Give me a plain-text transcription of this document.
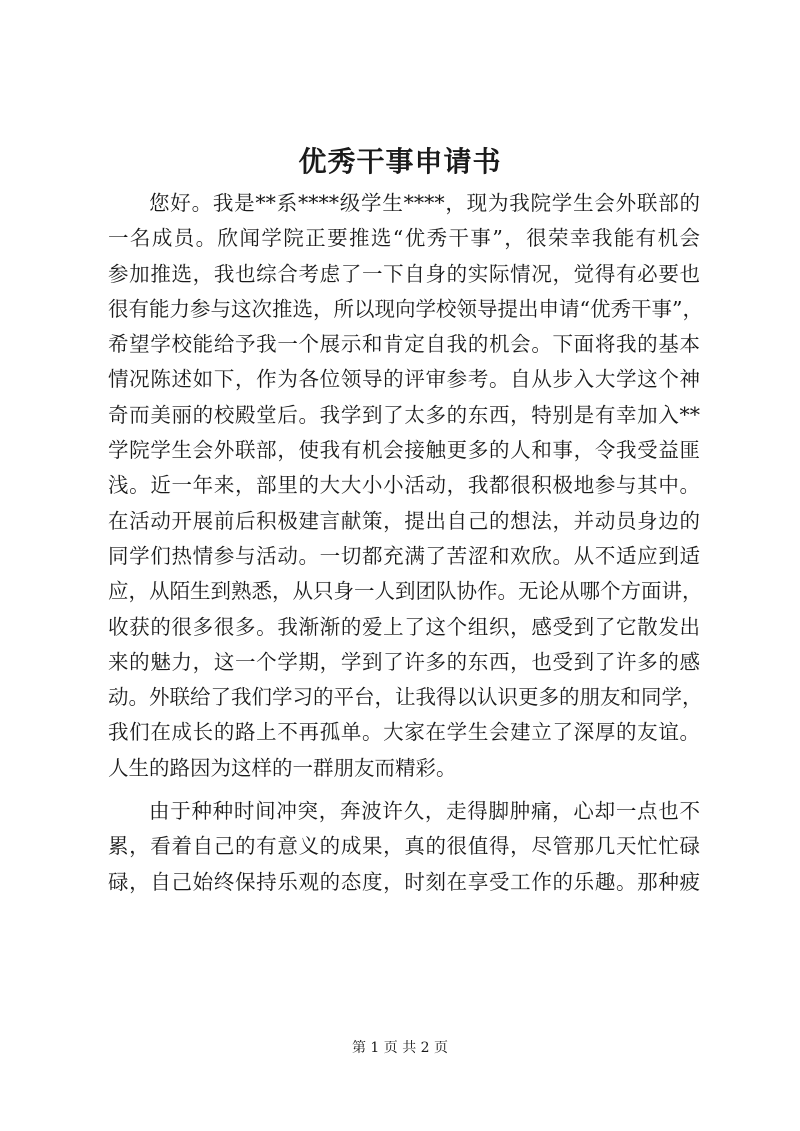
优秀干事申请书
您好。我是**系****级学生****，现为我院学生会外联部的
一名成员。欣闻学院正要推选“优秀干事”，很荣幸我能有机会
参加推选，我也综合考虑了一下自身的实际情况，觉得有必要也
很有能力参与这次推选，所以现向学校领导提出申请“优秀干事”，
希望学校能给予我一个展示和肯定自我的机会。下面将我的基本
情况陈述如下，作为各位领导的评审参考。自从步入大学这个神
奇而美丽的校殿堂后。我学到了太多的东西，特别是有幸加入**
学院学生会外联部，使我有机会接触更多的人和事，令我受益匪
浅。近一年来，部里的大大小小活动，我都很积极地参与其中。
在活动开展前后积极建言献策，提出自己的想法，并动员身边的
同学们热情参与活动。一切都充满了苦涩和欢欣。从不适应到适
应，从陌生到熟悉，从只身一人到团队协作。无论从哪个方面讲，
收获的很多很多。我渐渐的爱上了这个组织，感受到了它散发出
来的魅力，这一个学期，学到了许多的东西，也受到了许多的感
动。外联给了我们学习的平台，让我得以认识更多的朋友和同学，
我们在成长的路上不再孤单。大家在学生会建立了深厚的友谊。
人生的路因为这样的一群朋友而精彩。
由于种种时间冲突，奔波许久，走得脚肿痛，心却一点也不
累，看着自己的有意义的成果，真的很值得，尽管那几天忙忙碌
碌，自己始终保持乐观的态度，时刻在享受工作的乐趣。那种疲
第 1 页 共 2 页
